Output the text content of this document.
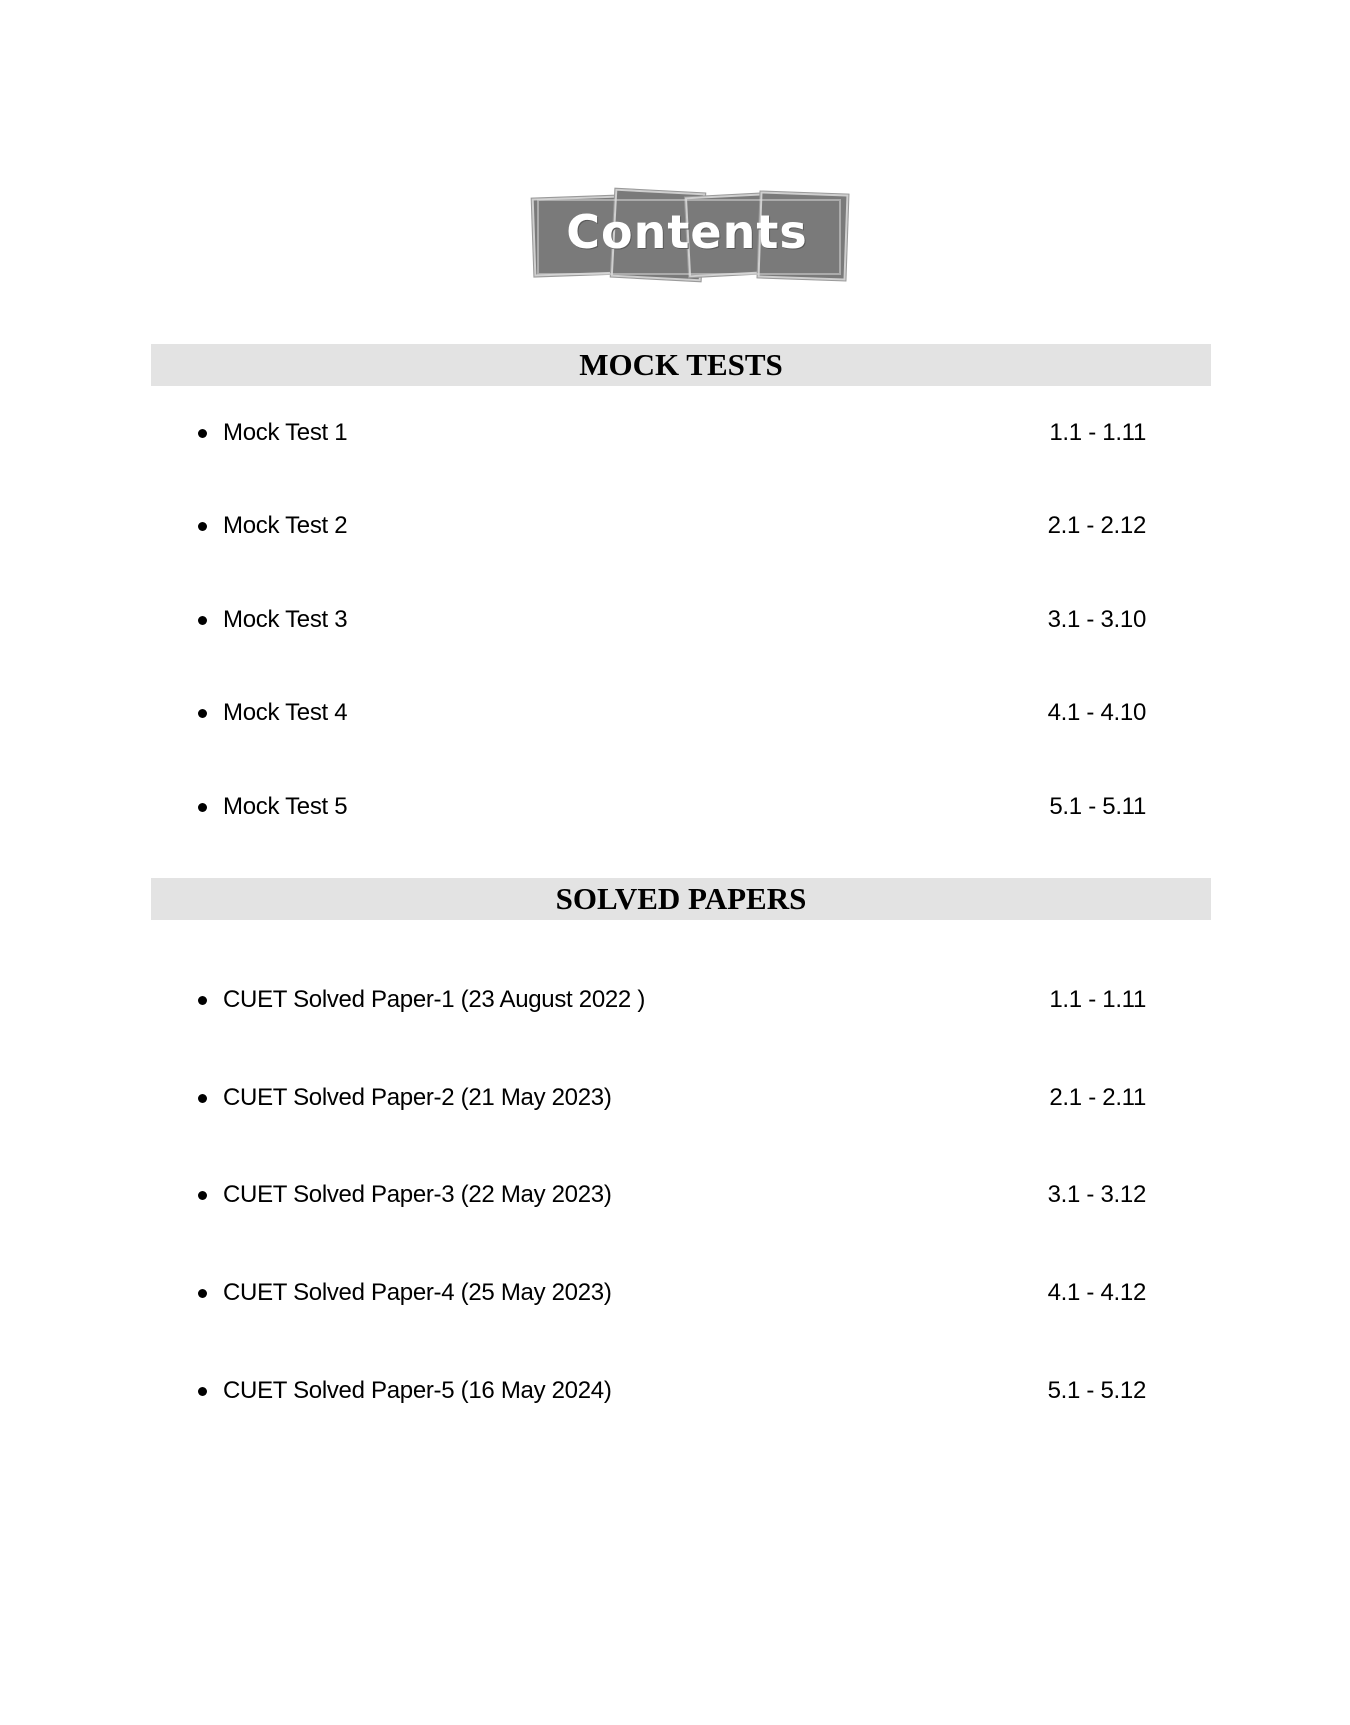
Contents
MOCK TESTS
Mock Test 1	1.1 - 1.11
Mock Test 2	2.1 - 2.12
Mock Test 3	3.1 - 3.10
Mock Test 4	4.1 - 4.10
Mock Test 5	5.1 - 5.11
SOLVED PAPERS
CUET Solved Paper-1 (23 August 2022 )	1.1 - 1.11
CUET Solved Paper-2 (21 May 2023)	2.1 - 2.11
CUET Solved Paper-3 (22 May 2023)	3.1 - 3.12
CUET Solved Paper-4 (25 May 2023)	4.1 - 4.12
CUET Solved Paper-5 (16 May 2024)	5.1 - 5.12
